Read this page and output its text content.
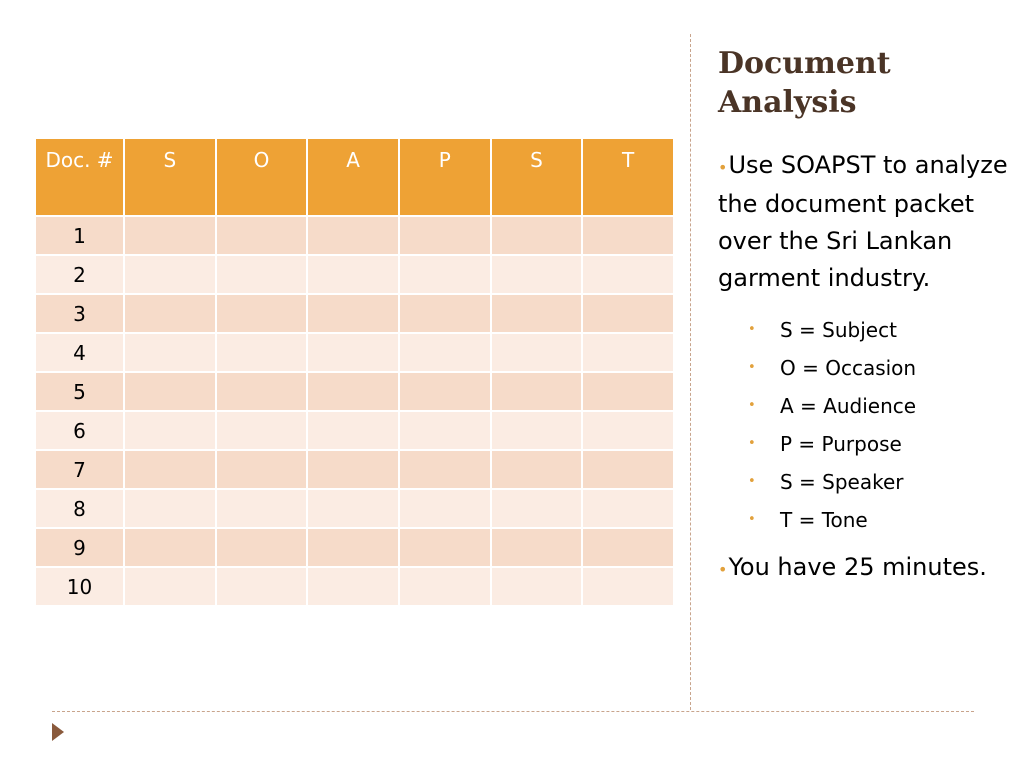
Doc. #	S	O	A	P	S	T
1						
2						
3						
4						
5						
6						
7						
8						
9						
10						
Document Analysis

•Use SOAPST to analyze the document packet over the Sri Lankan garment industry.

• S = Subject
• O = Occasion
• A = Audience
• P = Purpose
• S = Speaker
• T = Tone

•You have 25 minutes.
